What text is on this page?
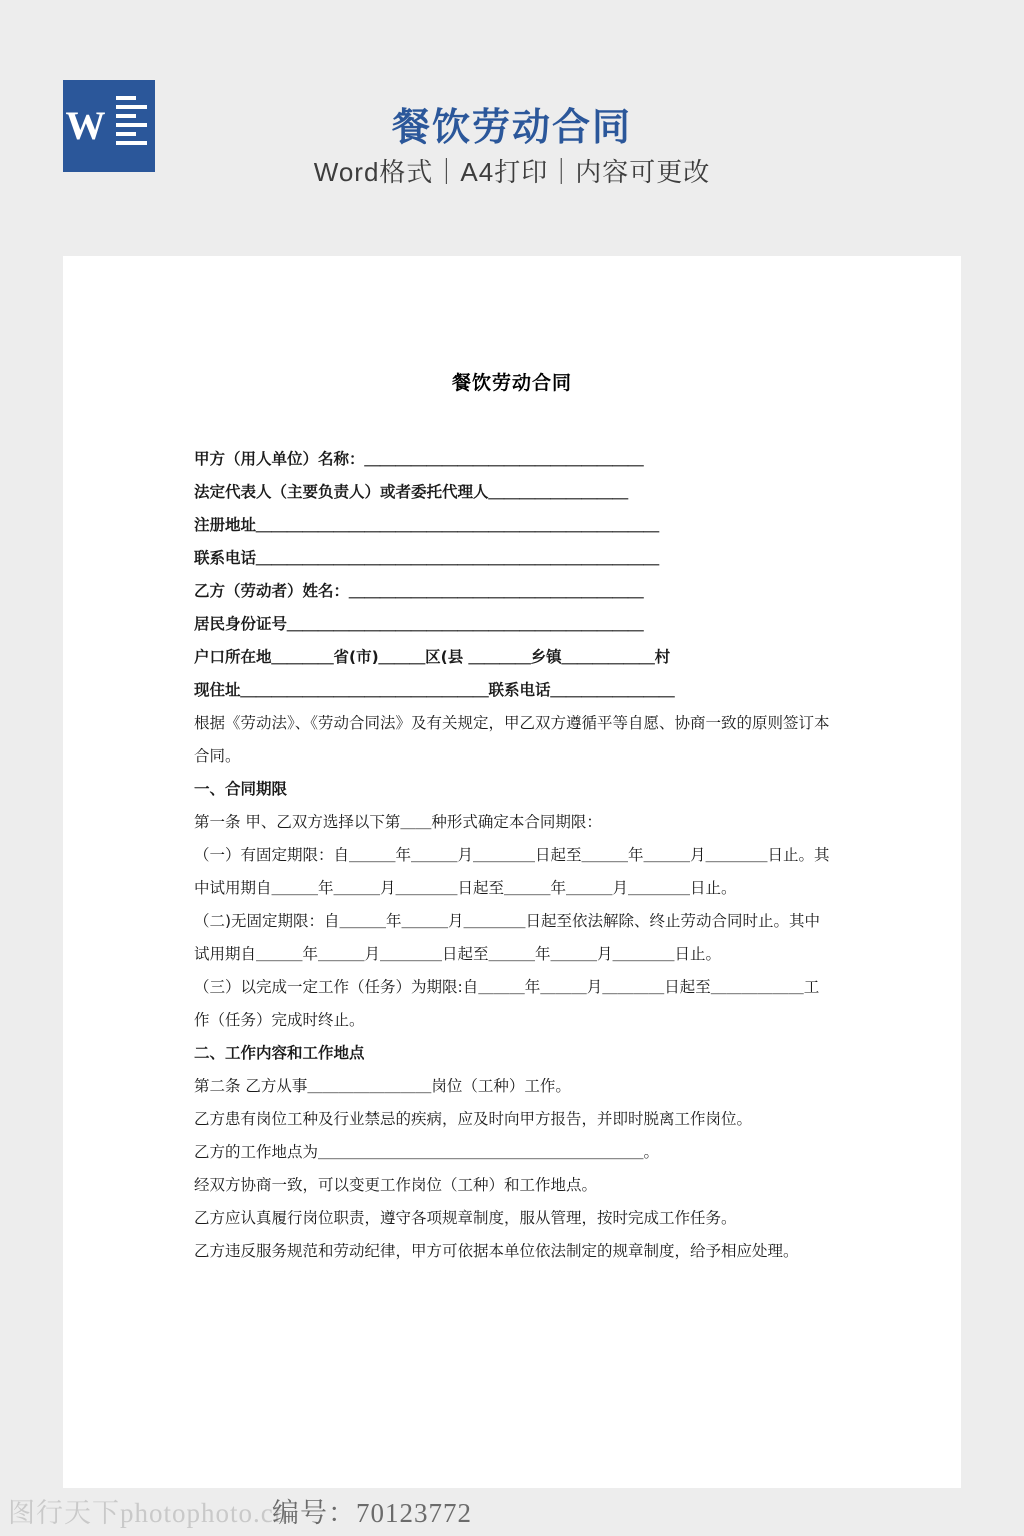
W	餐饮劳动合同
Word格式｜A4打印｜内容可更改
餐饮劳动合同

甲方（用人单位）名称：＿＿＿＿＿＿＿＿＿＿＿＿＿＿＿＿＿＿

法定代表人（主要负责人）或者委托代理人＿＿＿＿＿＿＿＿＿

注册地址＿＿＿＿＿＿＿＿＿＿＿＿＿＿＿＿＿＿＿＿＿＿＿＿＿＿

联系电话＿＿＿＿＿＿＿＿＿＿＿＿＿＿＿＿＿＿＿＿＿＿＿＿＿＿

乙方（劳动者）姓名：＿＿＿＿＿＿＿＿＿＿＿＿＿＿＿＿＿＿＿

居民身份证号＿＿＿＿＿＿＿＿＿＿＿＿＿＿＿＿＿＿＿＿＿＿＿

户口所在地＿＿＿＿省(市)＿＿＿区(县 ＿＿＿＿乡镇＿＿＿＿＿＿村

现住址＿＿＿＿＿＿＿＿＿＿＿＿＿＿＿＿联系电话＿＿＿＿＿＿＿＿

根据《劳动法》、《劳动合同法》及有关规定，甲乙双方遵循平等自愿、协商一致的原则签订本合同。

一、合同期限

第一条 甲、乙双方选择以下第＿＿种形式确定本合同期限：

（一）有固定期限：自＿＿＿年＿＿＿月＿＿＿＿日起至＿＿＿年＿＿＿月＿＿＿＿日止。其中试用期自＿＿＿年＿＿＿月＿＿＿＿日起至＿＿＿年＿＿＿月＿＿＿＿日止。

（二)无固定期限：自＿＿＿年＿＿＿月＿＿＿＿日起至依法解除、终止劳动合同时止。其中试用期自＿＿＿年＿＿＿月＿＿＿＿日起至＿＿＿年＿＿＿月＿＿＿＿日止。

（三）以完成一定工作（任务）为期限:自＿＿＿年＿＿＿月＿＿＿＿日起至＿＿＿＿＿＿工作（任务）完成时终止。

二、工作内容和工作地点

第二条 乙方从事＿＿＿＿＿＿＿＿岗位（工种）工作。

乙方患有岗位工种及行业禁忌的疾病，应及时向甲方报告，并即时脱离工作岗位。

乙方的工作地点为＿＿＿＿＿＿＿＿＿＿＿＿＿＿＿＿＿＿＿＿＿。

经双方协商一致，可以变更工作岗位（工种）和工作地点。

乙方应认真履行岗位职责，遵守各项规章制度，服从管理，按时完成工作任务。

乙方违反服务规范和劳动纪律，甲方可依据本单位依法制定的规章制度，给予相应处理。

图行天下photophoto.cn
编号：70123772
